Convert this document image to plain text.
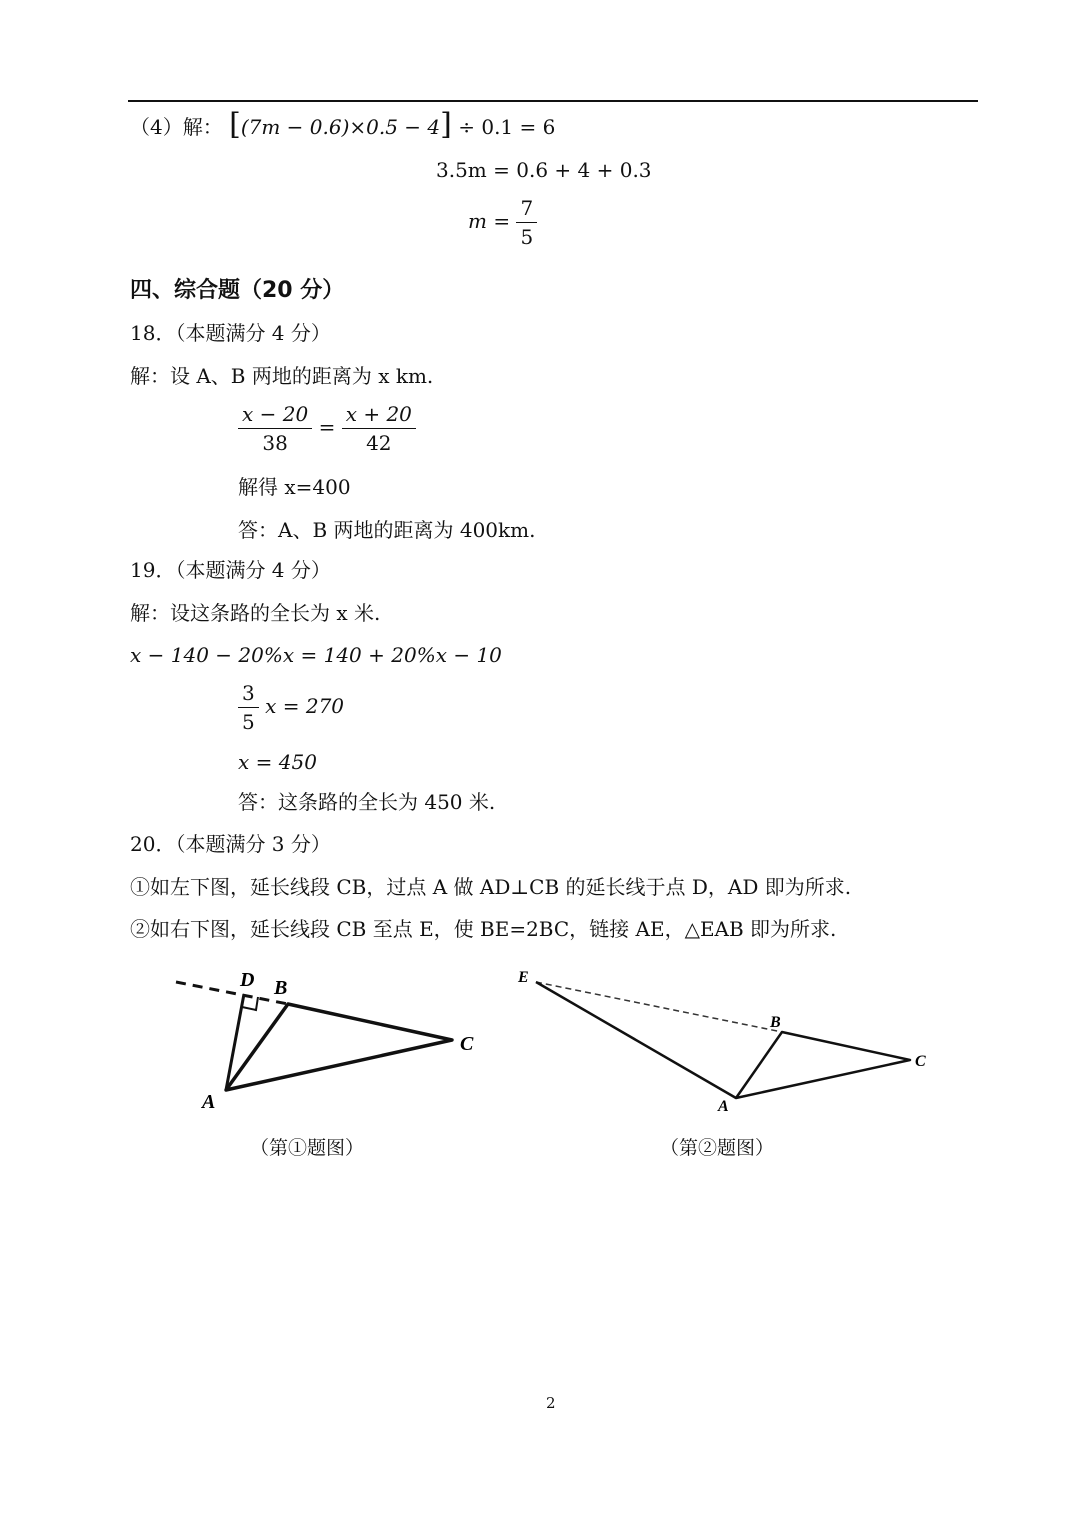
（4）解： [(7m − 0.6)×0.5 − 4] ÷ 0.1 = 6
3.5m = 0.6 + 4 + 0.3
$m = \frac{7}{5}$
四、综合题（20 分）
18．（本题满分 4 分）
解：设 A、B 两地的距离为 x km.
$\frac{x - 20}{38} = \frac{x + 20}{42}$
解得 x=400
答：A、B 两地的距离为 400km.
19．（本题满分 4 分）
解：设这条路的全长为 x 米.
x − 140 − 20%x = 140 + 20%x − 10
$\frac{3}{5}$ x = 270
x = 450
答：这条路的全长为 450 米.
20．（本题满分 3 分）
①如左下图，延长线段 CB，过点 A 做 AD⊥CB 的延长线于点 D，AD 即为所求.
②如右下图，延长线段 CB 至点 E，使 BE=2BC，链接 AE，△EAB 即为所求.
D B
C
A
（第①题图）
E
B
C
A
（第②题图）
2
